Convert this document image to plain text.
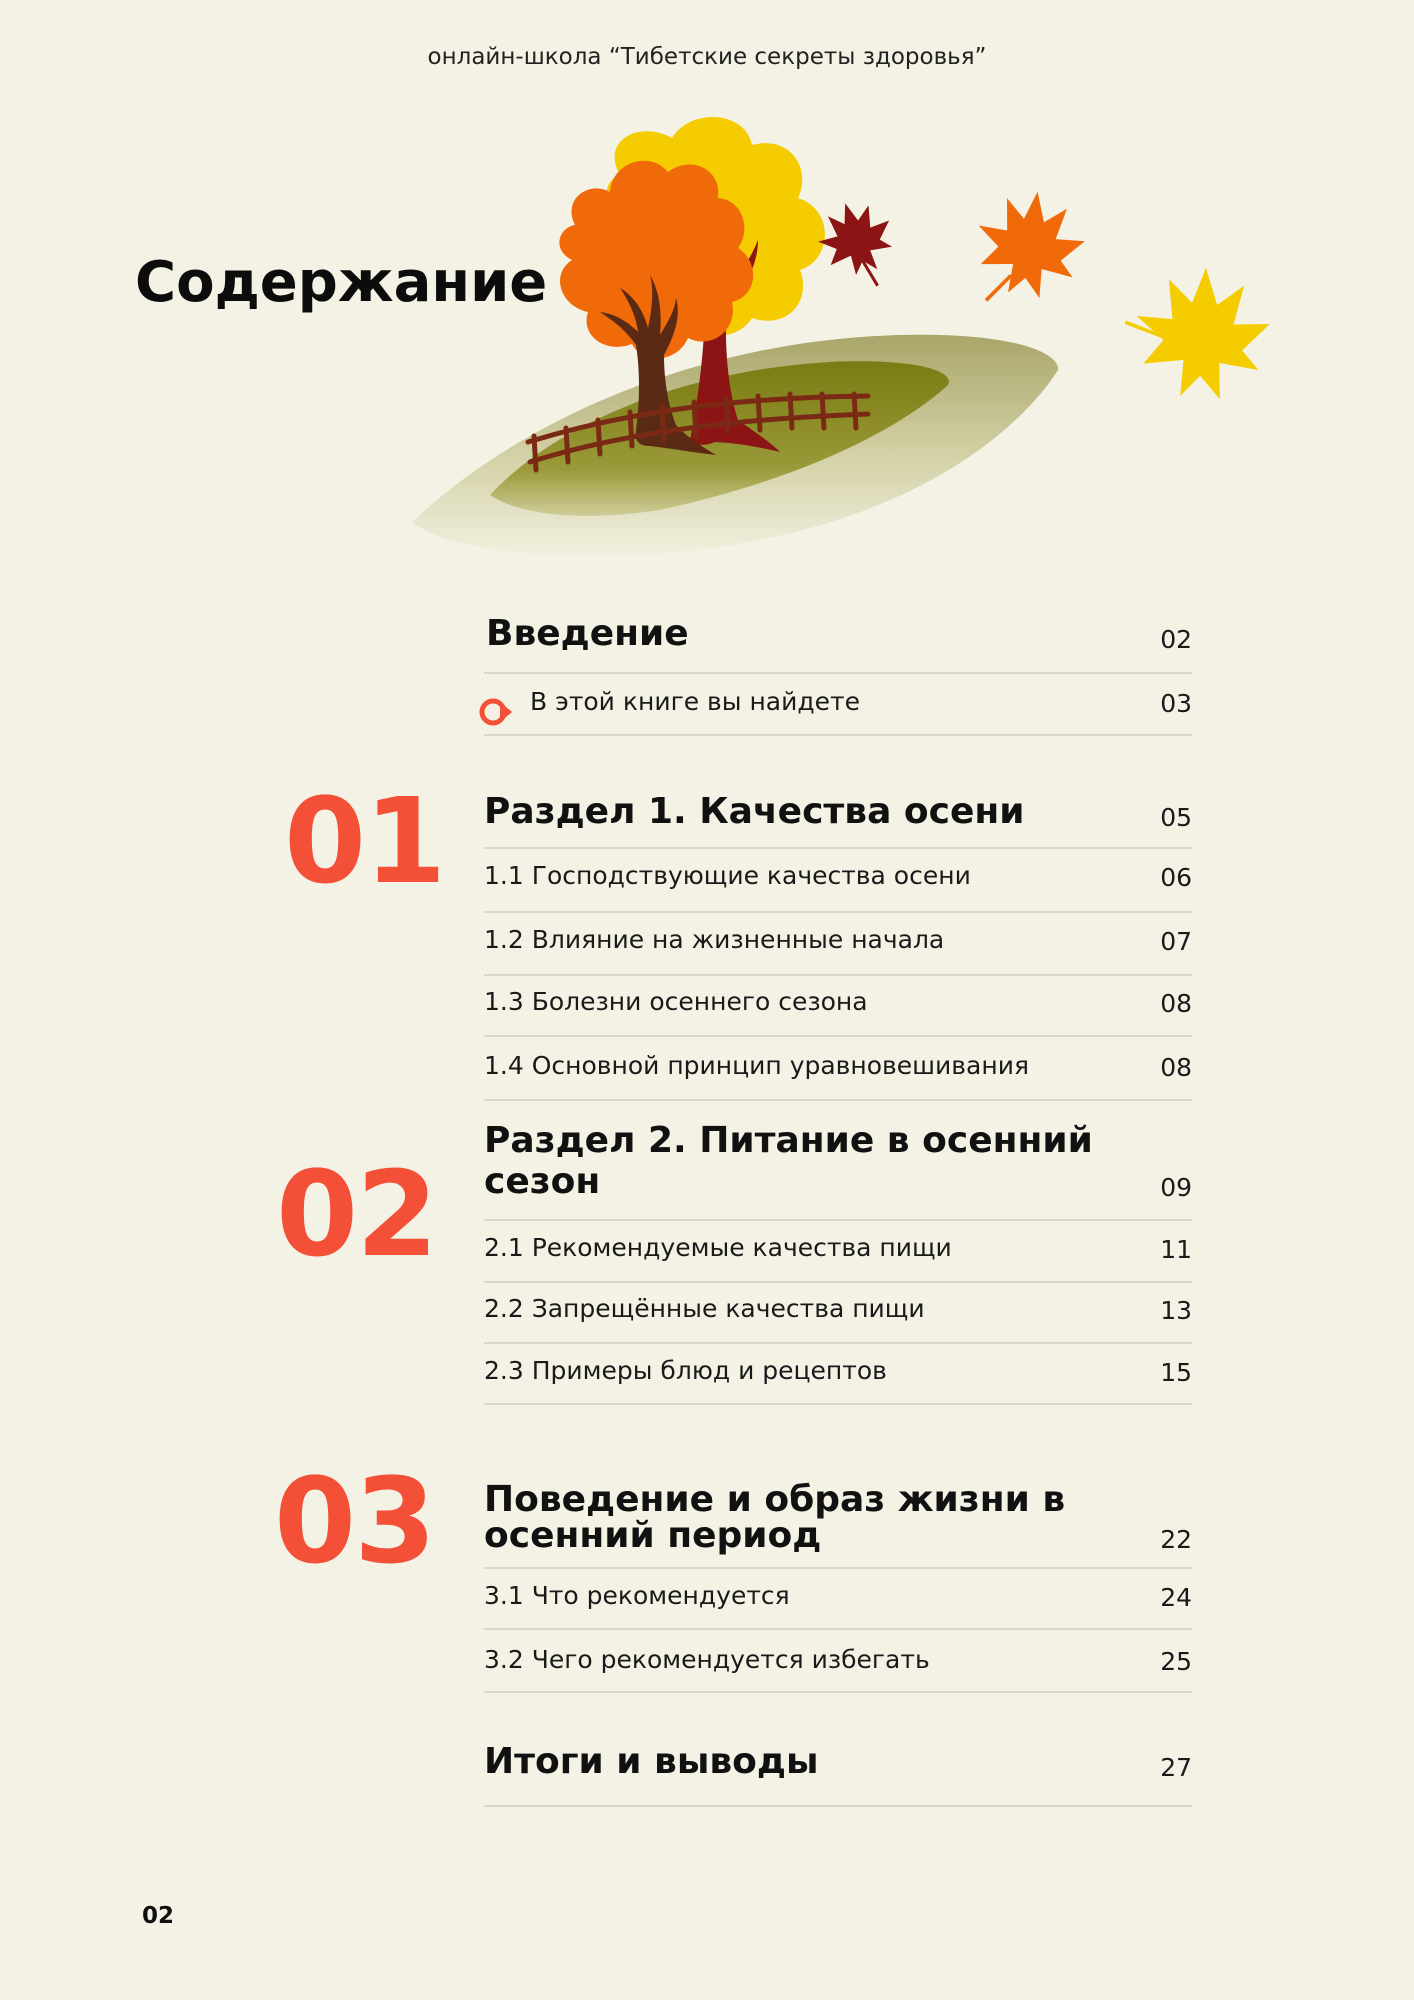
онлайн-школа “Тибетские секреты здоровья”
Содержание
Введение	02
В этой книге вы найдете	03
01 Раздел 1. Качества осени	05
1.1 Господствующие качества осени	06
1.2 Влияние на жизненные начала	07
1.3 Болезни осеннего сезона	08
1.4 Основной принцип уравновешивания	08
02
Раздел 2. Питание в осенний сезон	09
2.1 Рекомендуемые качества пищи	11
2.2 Запрещённые качества пищи	13
2.3 Примеры блюд и рецептов	15
03 Поведение и образ жизни в
осенний период	22
3.1 Что рекомендуется	24
3.2 Чего рекомендуется избегать	25
Итоги и выводы	27
02
